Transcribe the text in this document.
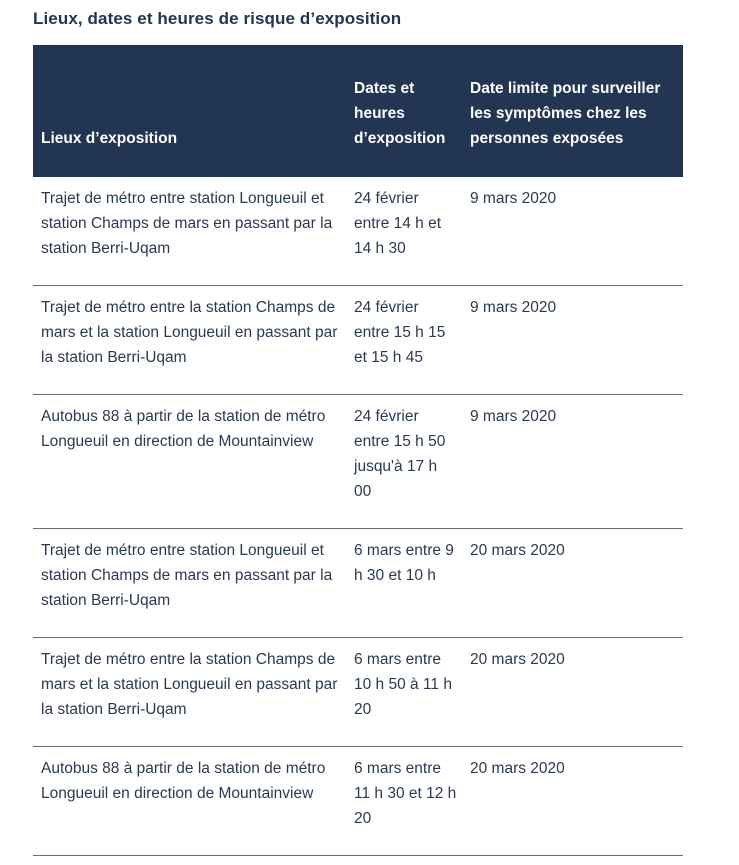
Lieux, dates et heures de risque d’exposition
Lieux d’exposition	Dates et heures d’exposition	Date limite pour surveiller les symptômes chez les personnes exposées
Trajet de métro entre station Longueuil et station Champs de mars en passant par la station Berri-Uqam	24 février entre 14 h et 14 h 30	9 mars 2020
Trajet de métro entre la station Champs de mars et la station Longueuil en passant par la station Berri-Uqam	24 février entre 15 h 15 et 15 h 45	9 mars 2020
Autobus 88 à partir de la station de métro Longueuil en direction de Mountainview	24 février entre 15 h 50 jusqu'à 17 h 00	9 mars 2020
Trajet de métro entre station Longueuil et station Champs de mars en passant par la station Berri-Uqam	6 mars entre 9 h 30 et 10 h	20 mars 2020
Trajet de métro entre la station Champs de mars et la station Longueuil en passant par la station Berri-Uqam	6 mars entre 10 h 50 à 11 h 20	20 mars 2020
Autobus 88 à partir de la station de métro Longueuil en direction de Mountainview	6 mars entre 11 h 30 et 12 h 20	20 mars 2020
